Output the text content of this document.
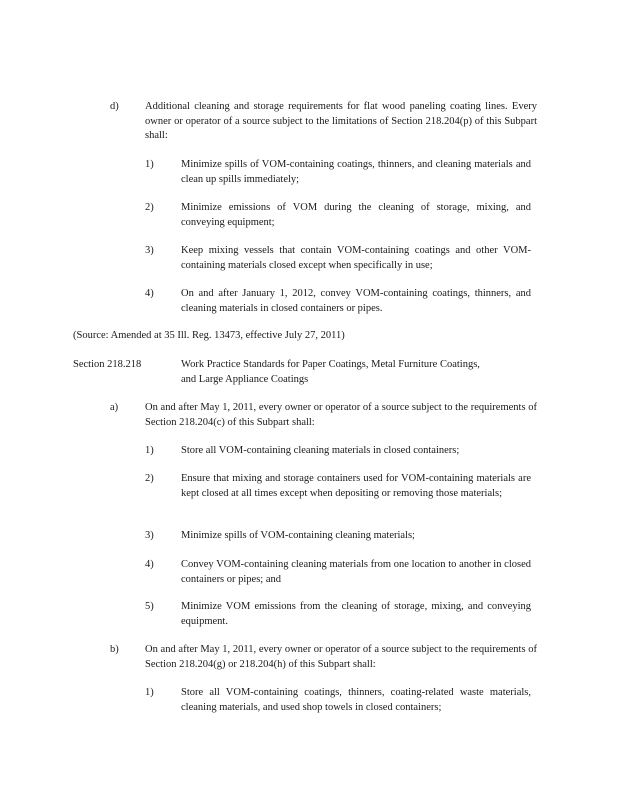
d)	Additional cleaning and storage requirements for flat wood paneling coating lines. Every owner or operator of a source subject to the limitations of Section 218.204(p) of this Subpart shall:
1)	Minimize spills of VOM-containing coatings, thinners, and cleaning materials and clean up spills immediately;
2)	Minimize emissions of VOM during the cleaning of storage, mixing, and conveying equipment;
3)	Keep mixing vessels that contain VOM-containing coatings and other VOM-containing materials closed except when specifically in use;
4)	On and after January 1, 2012, convey VOM-containing coatings, thinners, and cleaning materials in closed containers or pipes.
(Source: Amended at 35 Ill. Reg. 13473, effective July 27, 2011)
Section 218.218	Work Practice Standards for Paper Coatings, Metal Furniture Coatings,
and Large Appliance Coatings
a)	On and after May 1, 2011, every owner or operator of a source subject to the requirements of Section 218.204(c) of this Subpart shall:
1)	Store all VOM-containing cleaning materials in closed containers;
2)	Ensure that mixing and storage containers used for VOM-containing materials are kept closed at all times except when depositing or removing those materials;
3)	Minimize spills of VOM-containing cleaning materials;
4)	Convey VOM-containing cleaning materials from one location to another in closed containers or pipes; and
5)	Minimize VOM emissions from the cleaning of storage, mixing, and conveying equipment.
b)	On and after May 1, 2011, every owner or operator of a source subject to the requirements of Section 218.204(g) or 218.204(h) of this Subpart shall:
1)	Store all VOM-containing coatings, thinners, coating-related waste materials, cleaning materials, and used shop towels in closed containers;
